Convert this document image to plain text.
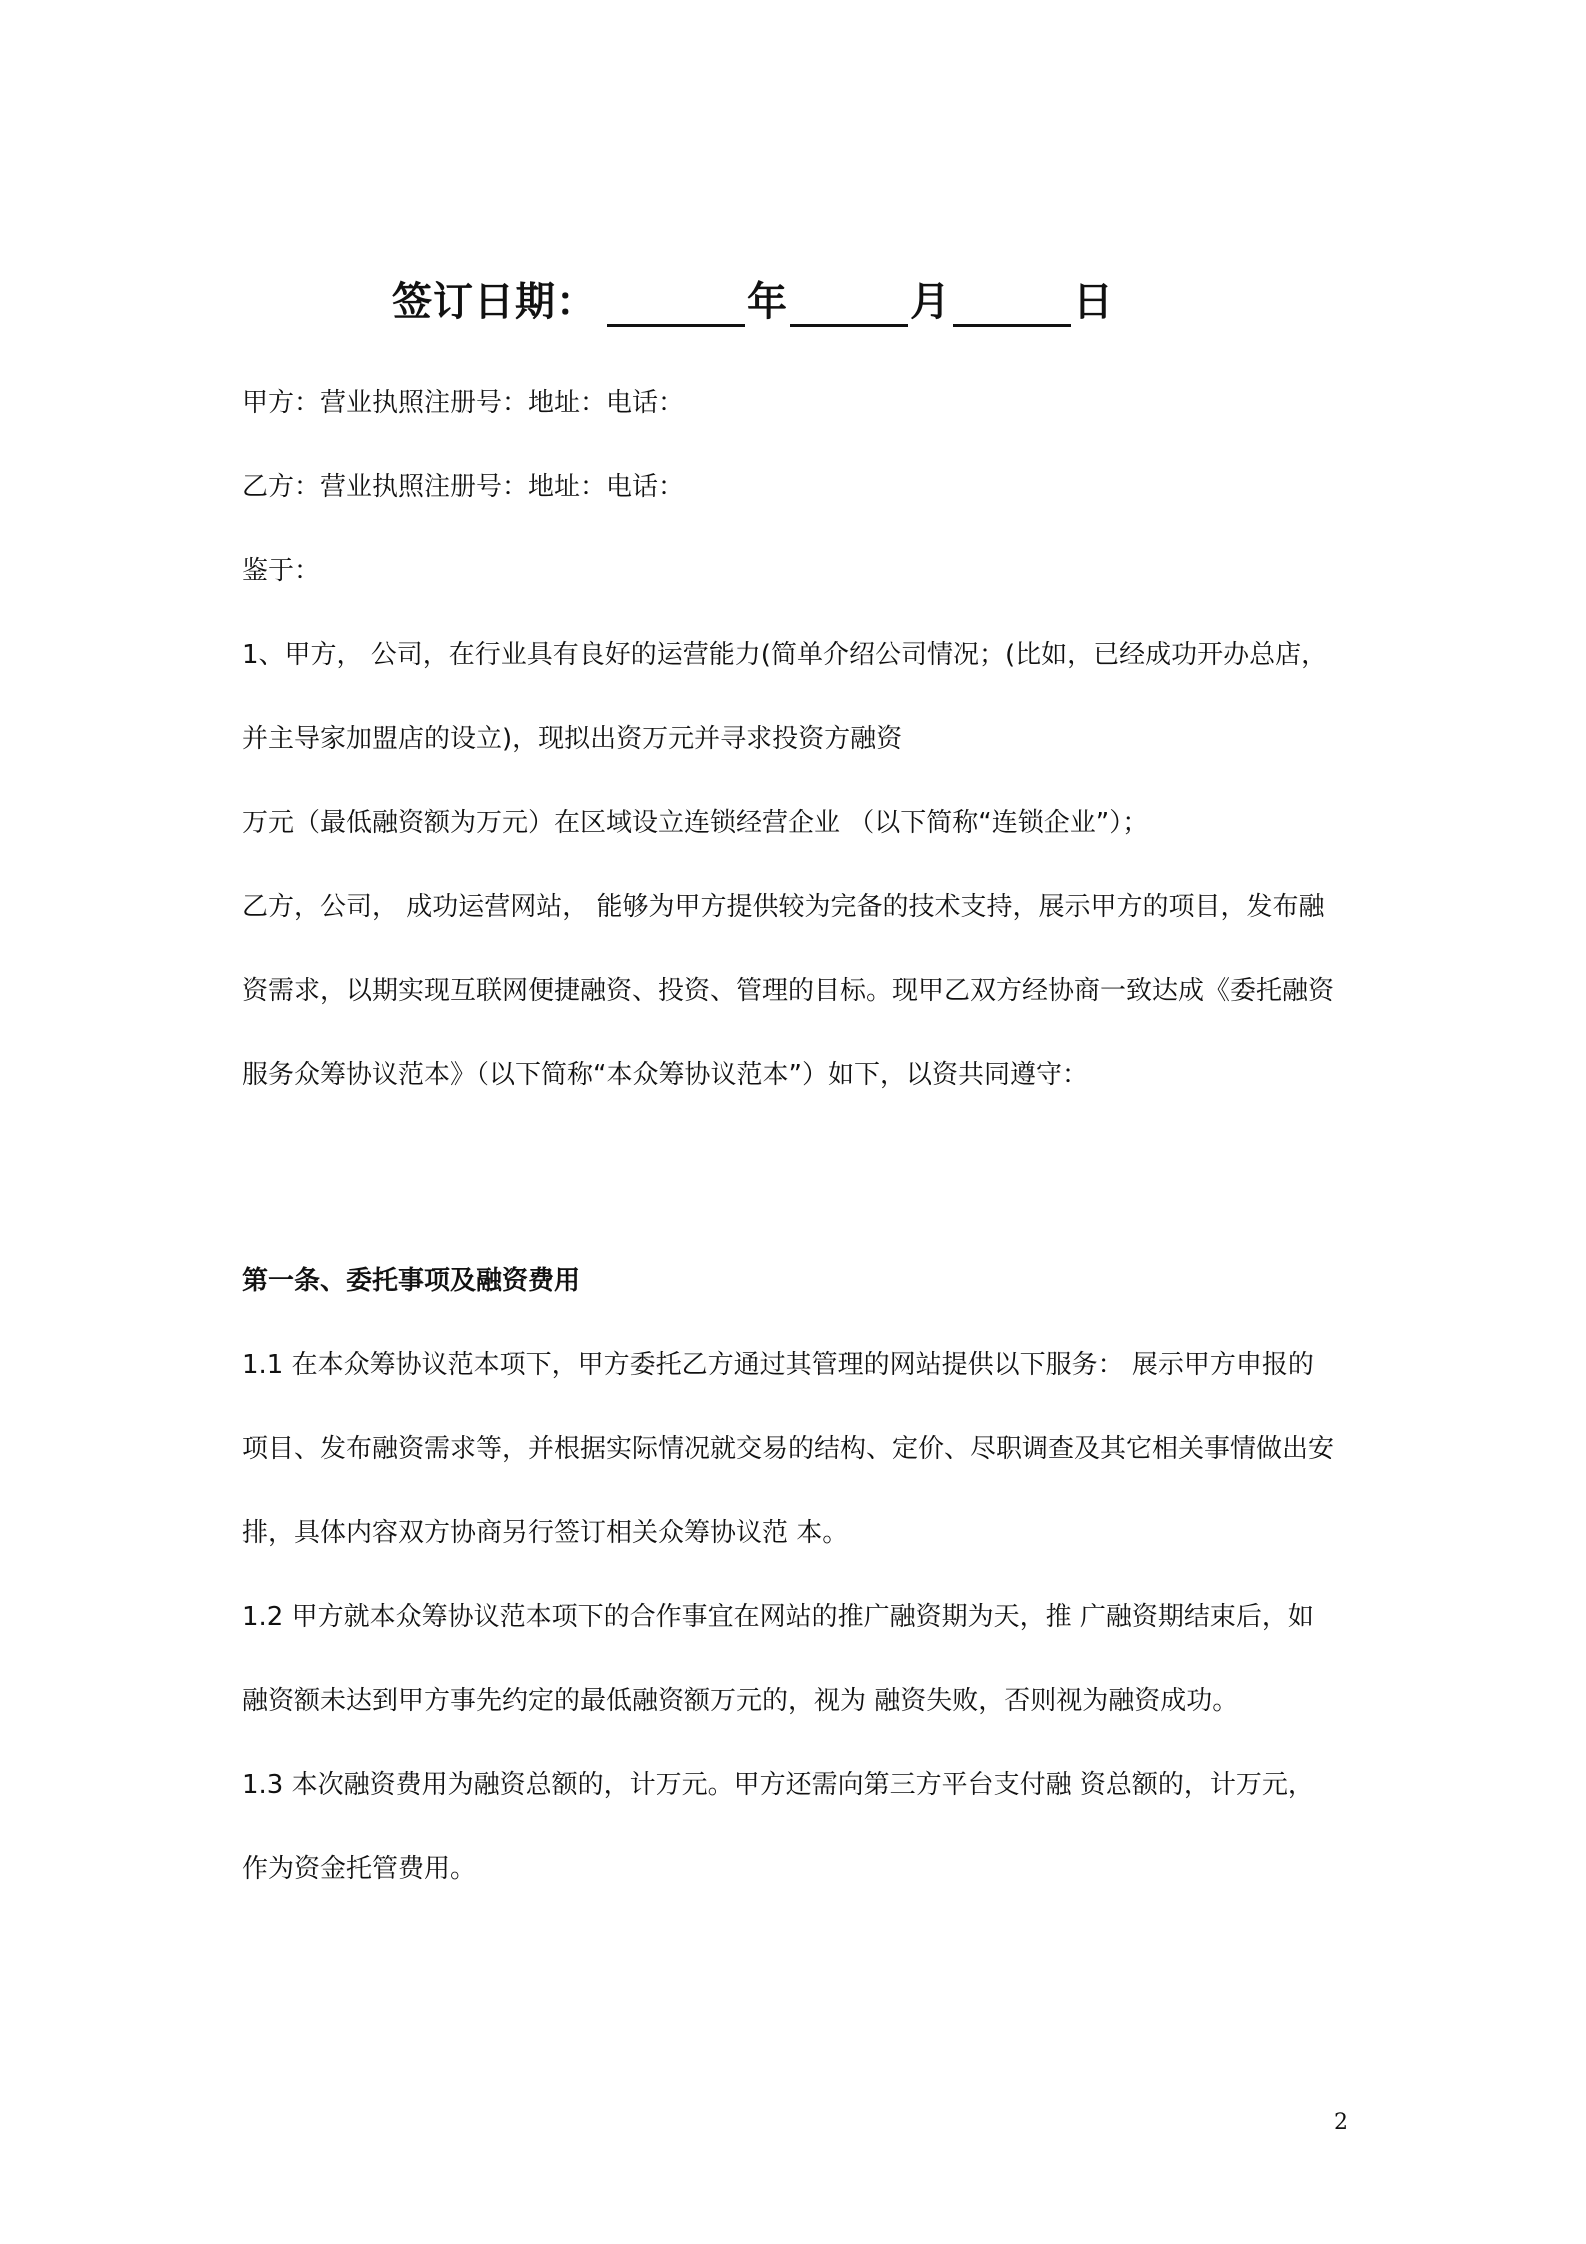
签订日期：	年	月	日
甲方：营业执照注册号：地址：电话：
乙方：营业执照注册号：地址：电话：
鉴于：
1、甲方， 公司，在行业具有良好的运营能力(简单介绍公司情况；(比如，已经成功开办总店，
并主导家加盟店的设立)，现拟出资万元并寻求投资方融资
万元（最低融资额为万元）在区域设立连锁经营企业 （以下简称“连锁企业”）；
乙方，公司， 成功运营网站， 能够为甲方提供较为完备的技术支持，展示甲方的项目，发布融
资需求，以期实现互联网便捷融资、投资、管理的目标。现甲乙双方经协商一致达成《委托融资
服务众筹协议范本》（以下简称“本众筹协议范本”）如下，以资共同遵守：
第一条、委托事项及融资费用
1.1 在本众筹协议范本项下，甲方委托乙方通过其管理的网站提供以下服务： 展示甲方申报的
项目、发布融资需求等，并根据实际情况就交易的结构、定价、尽职调查及其它相关事情做出安
排，具体内容双方协商另行签订相关众筹协议范 本。
1.2 甲方就本众筹协议范本项下的合作事宜在网站的推广融资期为天，推 广融资期结束后，如
融资额未达到甲方事先约定的最低融资额万元的，视为 融资失败，否则视为融资成功。
1.3 本次融资费用为融资总额的，计万元。甲方还需向第三方平台支付融 资总额的，计万元，
作为资金托管费用。
2
